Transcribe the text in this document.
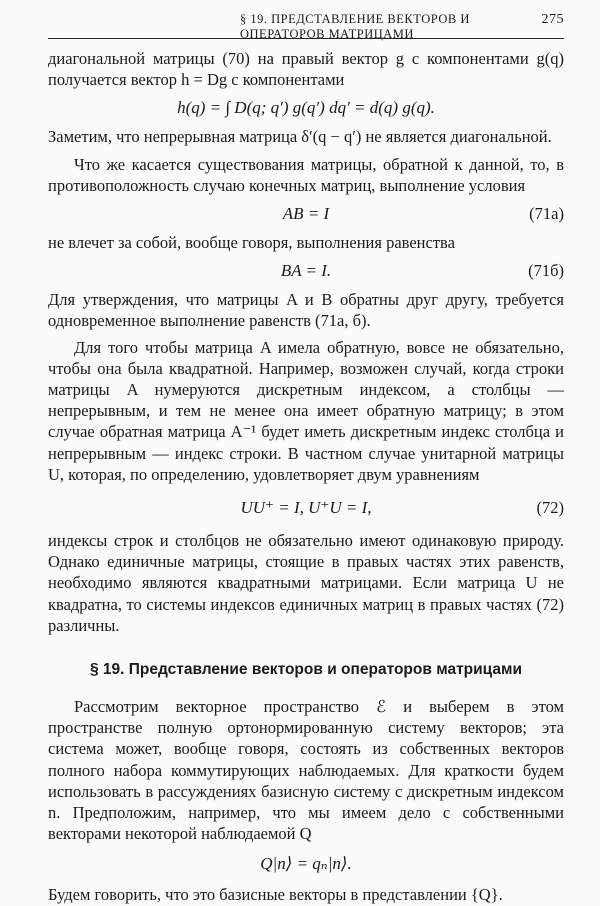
§ 19. ПРЕДСТАВЛЕНИЕ ВЕКТОРОВ И ОПЕРАТОРОВ МАТРИЦАМИ
275

диагональной матрицы (70) на правый вектор g с компонентами g(q) получается вектор h = Dg с компонентами

h(q) = ∫ D(q; q′) g(q′) dq′ = d(q) g(q).

Заметим, что непрерывная матрица δ′(q − q′) не является диагональной.

Что же касается существования матрицы, обратной к данной, то, в противоположность случаю конечных матриц, выполнение условия

AB = I	(71а)

не влечет за собой, вообще говоря, выполнения равенства

BA = I.	(71б)

Для утверждения, что матрицы A и B обратны друг другу, требуется одновременное выполнение равенств (71а, б).

Для того чтобы матрица A имела обратную, вовсе не обязательно, чтобы она была квадратной. Например, возможен случай, когда строки матрицы A нумеруются дискретным индексом, а столбцы — непрерывным, и тем не менее она имеет обратную матрицу; в этом случае обратная матрица A⁻¹ будет иметь дискретным индекс столбца и непрерывным — индекс строки. В частном случае унитарной матрицы U, которая, по определению, удовлетворяет двум уравнениям

UU⁺ = I, U⁺U = I,	(72)

индексы строк и столбцов не обязательно имеют одинаковую природу. Однако единичные матрицы, стоящие в правых частях этих равенств, необходимо являются квадратными матрицами. Если матрица U не квадратна, то системы индексов единичных матриц в правых частях (72) различны.

§ 19. Представление векторов и операторов матрицами

Рассмотрим векторное пространство ℰ и выберем в этом пространстве полную ортонормированную систему векторов; эта система может, вообще говоря, состоять из собственных векторов полного набора коммутирующих наблюдаемых. Для краткости будем использовать в рассуждениях базисную систему с дискретным индексом n. Предположим, например, что мы имеем дело с собственными векторами некоторой наблюдаемой Q

Q|n⟩ = qₙ|n⟩.

Будем говорить, что это базисные векторы в представлении {Q}.
